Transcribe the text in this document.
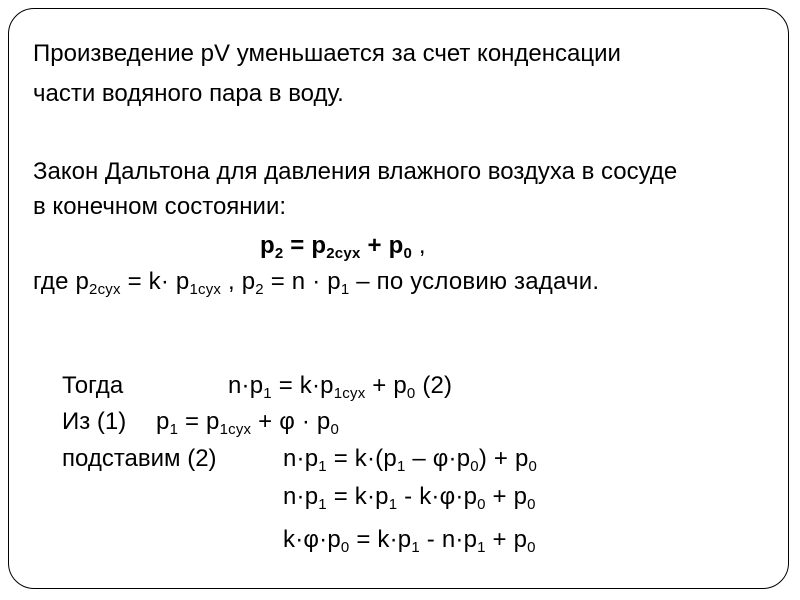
Произведение pV уменьшается за счет конденсации
части водяного пара в воду.
Закон Дальтона для давления влажного воздуха в сосуде
в конечном состоянии:
$p_2 = p_{2сух} + p_0$ ,
где $p_{2сух} = k\cdot p_{1сух}$ , $p_2 = n \cdot p_1$ – по условию задачи.
Тогда	$n\cdot p_1 = k\cdot p_{1сух} + p_0$ (2)
Из (1) $p_1 = p_{1сух} + \varphi \cdot p_0$
подставим (2)	$n\cdot p_1 = k\cdot(p_1 - \varphi\cdot p_0) + p_0$
$n\cdot p_1 = k\cdot p_1 - k\cdot\varphi\cdot p_0 + p_0$
$k\cdot\varphi\cdot p_0 = k\cdot p_1 - n\cdot p_1 + p_0$
